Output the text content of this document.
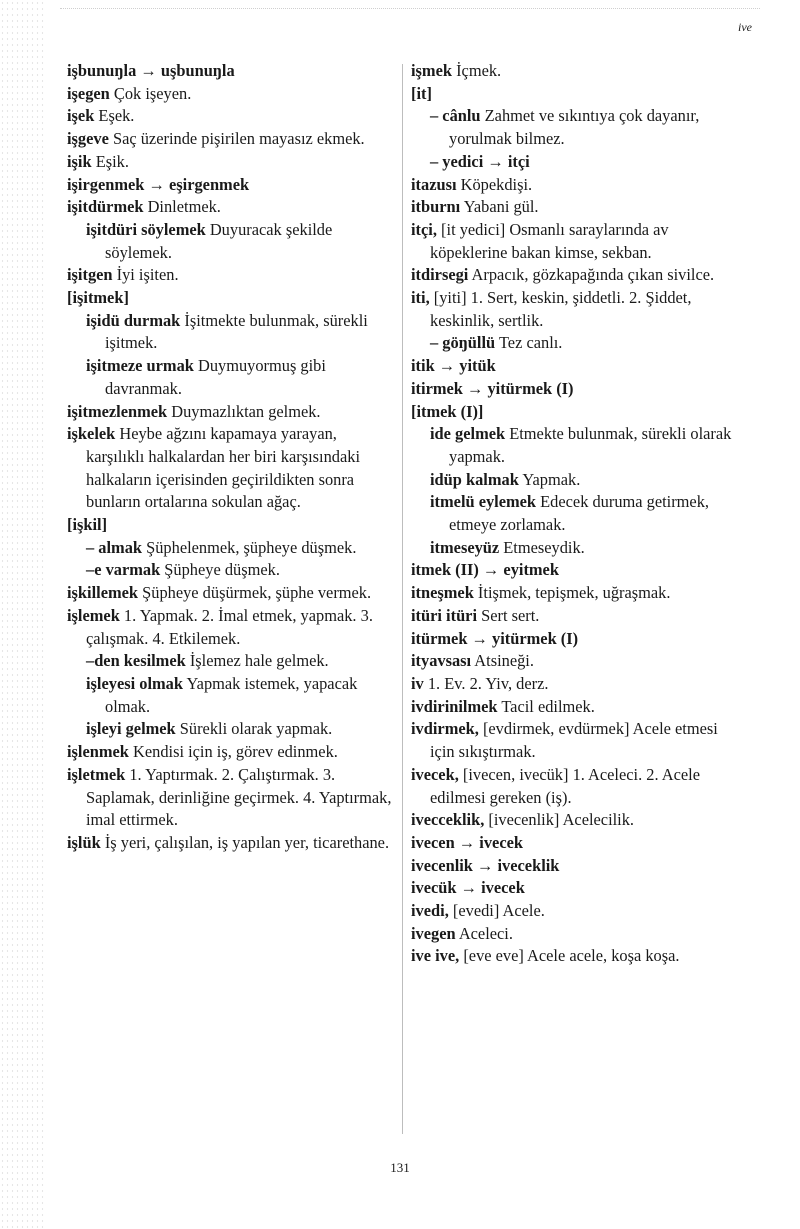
ive
işbunuŋla → uşbunuŋla
işegen Çok işeyen.
işek Eşek.
işgeve Saç üzerinde pişirilen mayasız ekmek.
işik Eşik.
işirgenmek → eşirgenmek
işitdürmek Dinletmek.
işitdüri söylemek Duyuracak şekilde söylemek.
işitgen İyi işiten.
[işitmek]
işidü durmak İşitmekte bulunmak, sürekli işitmek.
işitmeze urmak Duymuyormuş gibi davranmak.
işitmezlenmek Duymazlıktan gelmek.
işkelek Heybe ağzını kapamaya yarayan, karşılıklı halkalardan her biri karşısındaki halkaların içerisinden geçirildikten sonra bunların ortalarına sokulan ağaç.
[işkil]
– almak Şüphelenmek, şüpheye düşmek.
–e varmak Şüpheye düşmek.
işkillemek Şüpheye düşürmek, şüphe vermek.
işlemek 1. Yapmak. 2. İmal etmek, yapmak. 3. çalışmak. 4. Etkilemek.
–den kesilmek İşlemez hale gelmek.
işleyesi olmak Yapmak istemek, yapacak olmak.
işleyi gelmek Sürekli olarak yapmak.
işlenmek Kendisi için iş, görev edinmek.
işletmek 1. Yaptırmak. 2. Çalıştırmak. 3. Saplamak, derinliğine geçirmek. 4. Yaptırmak, imal ettirmek.
işlük İş yeri, çalışılan, iş yapılan yer, ticarethane.
işmek İçmek.
[it]
– cânlu Zahmet ve sıkıntıya çok dayanır, yorulmak bilmez.
– yedici → itçi
itazusı Köpekdişi.
itburnı Yabani gül.
itçi, [it yedici] Osmanlı saraylarında av köpeklerine bakan kimse, sekban.
itdirsegi Arpacık, gözkapağında çıkan sivilce.
iti, [yiti] 1. Sert, keskin, şiddetli. 2. Şiddet, keskinlik, sertlik.
– göŋüllü Tez canlı.
itik → yitük
itirmek → yitürmek (I)
[itmek (I)]
ide gelmek Etmekte bulunmak, sürekli olarak yapmak.
idüp kalmak Yapmak.
itmelü eylemek Edecek duruma getirmek, etmeye zorlamak.
itmeseyüz Etmeseydik.
itmek (II) → eyitmek
itneşmek İtişmek, tepişmek, uğraşmak.
itüri itüri Sert sert.
itürmek → yitürmek (I)
ityavsası Atsineği.
iv 1. Ev. 2. Yiv, derz.
ivdirinilmek Tacil edilmek.
ivdirmek, [evdirmek, evdürmek] Acele etmesi için sıkıştırmak.
ivecek, [ivecen, ivecük] 1. Aceleci. 2. Acele edilmesi gereken (iş).
ivecceklik, [ivecenlik] Acelecilik.
ivecen → ivecek
ivecenlik → iveceklik
ivecük → ivecek
ivedi, [evedi] Acele.
ivegen Aceleci.
ive ive, [eve eve] Acele acele, koşa koşa.
131
